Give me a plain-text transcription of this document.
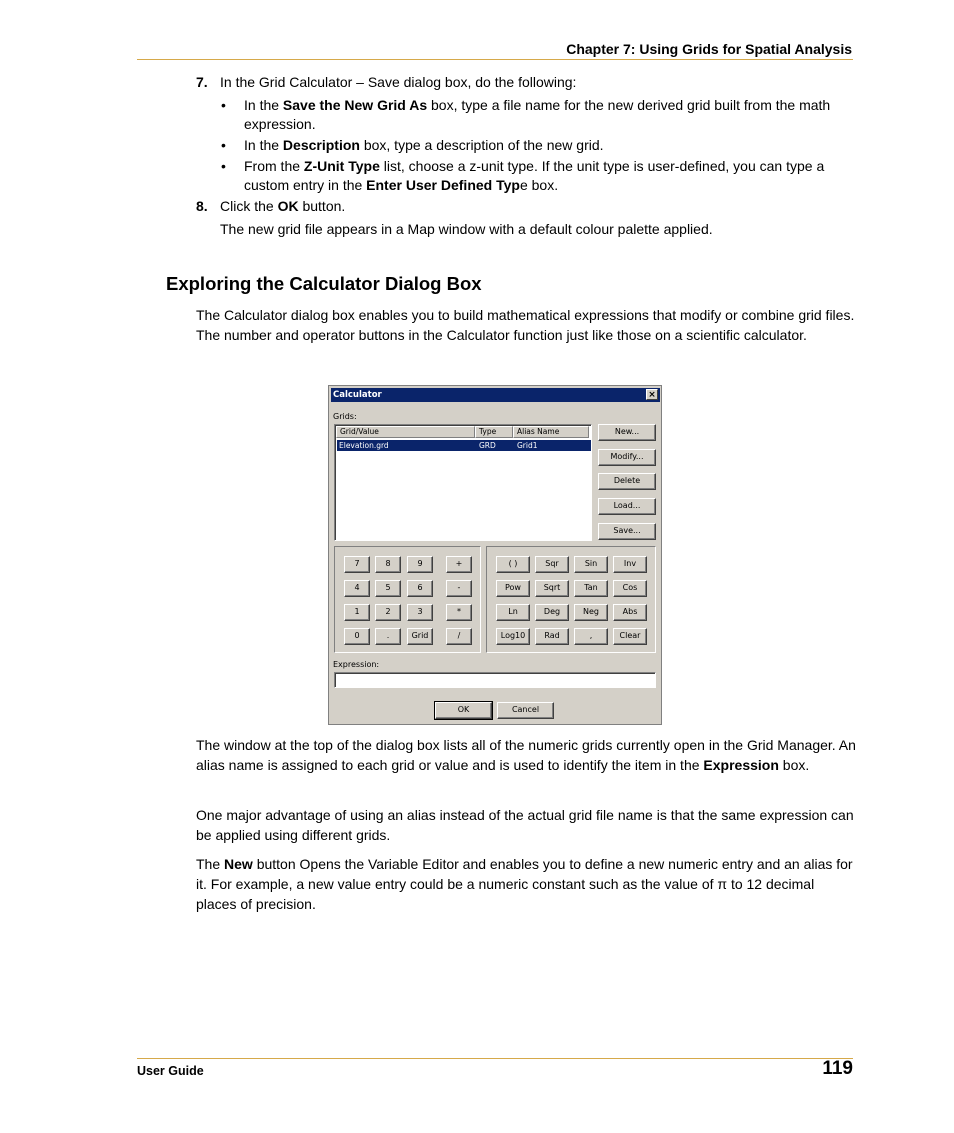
Chapter 7: Using Grids for Spatial Analysis
7. In the Grid Calculator – Save dialog box, do the following:
• In the Save the New Grid As box, type a file name for the new derived grid built from the math expression.
• In the Description box, type a description of the new grid.
• From the Z-Unit Type list, choose a z-unit type. If the unit type is user-defined, you can type a custom entry in the Enter User Defined Type box.
8. Click the OK button.
The new grid file appears in a Map window with a default colour palette applied.
Exploring the Calculator Dialog Box
The Calculator dialog box enables you to build mathematical expressions that modify or combine grid files. The number and operator buttons in the Calculator function just like those on a scientific calculator.
Calculator	×
Grids:
Grid/Value	Type	Alias Name
Elevation.grd	GRD	Grid1
New...
Modify...
Delete
Load...
Save...
7	8	9	+
4	5	6	-
1	2	3	*
0	.	Grid	/
( )	Sqr	Sin	Inv
Pow	Sqrt	Tan	Cos
Ln	Deg	Neg	Abs
Log10	Rad	,	Clear
Expression:
OK	Cancel
The window at the top of the dialog box lists all of the numeric grids currently open in the Grid Manager. An alias name is assigned to each grid or value and is used to identify the item in the Expression box.
One major advantage of using an alias instead of the actual grid file name is that the same expression can be applied using different grids.
The New button Opens the Variable Editor and enables you to define a new numeric entry and an alias for it. For example, a new value entry could be a numeric constant such as the value of π to 12 decimal places of precision.
User Guide	119
